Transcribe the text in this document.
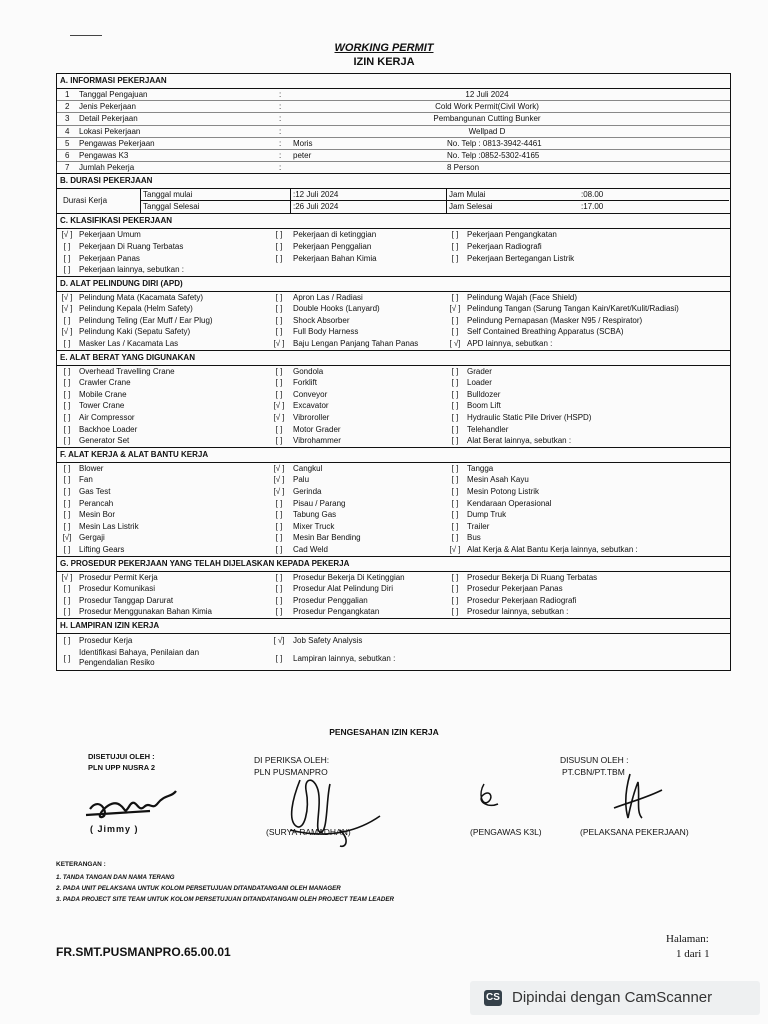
WORKING PERMIT
IZIN KERJA
A. INFORMASI PEKERJAAN
1 Tanggal Pengajuan	:	12 Juli 2024
2 Jenis Pekerjaan	:	Cold Work Permit(Civil Work)
3 Detail Pekerjaan	:	Pembangunan Cutting Bunker
4 Lokasi Pekerjaan	:	Wellpad D
5 Pengawas Pekerjaan	: Moris	No. Telp : 0813-3942-4461
6 Pengawas K3	: peter	No. Telp :0852-5302-4165
7 Jumlah Pekerja	:	8 Person
B. DURASI PEKERJAAN
Durasi Kerja
Tanggal mulai	:12 Juli 2024	Jam Mulai	:08.00
Tanggal Selesai	:26 Juli 2024	Jam Selesai	:17.00
C. KLASIFIKASI PEKERJAAN
[√ ] Pekerjaan Umum	[ ]	Pekerjaan di ketinggian	[ ]	Pekerjaan Pengangkatan
[ ]	Pekerjaan Di Ruang Terbatas	[ ]	Pekerjaan Penggalian	[ ]	Pekerjaan Radiografi
[ ]	Pekerjaan Panas	[ ]	Pekerjaan Bahan Kimia	[ ]	Pekerjaan Bertegangan Listrik
[ ]	Pekerjaan lainnya, sebutkan :
D. ALAT PELINDUNG DIRI (APD)
[√ ] Pelindung Mata (Kacamata Safety)	[ ]	Apron Las / Radiasi	[ ]	Pelindung Wajah (Face Shield)
[√ ] Pelindung Kepala (Helm Safety)	[ ]	Double Hooks (Lanyard)	[√ ] Pelindung Tangan (Sarung Tangan Kain/Karet/Kulit/Radiasi)
[ ]	Pelindung Teling (Ear Muff / Ear Plug)	[ ]	Shock Absorber	[ ]	Pelindung Pernapasan (Masker N95 / Respirator)
[√ ] Pelindung Kaki (Sepatu Safety)	[ ]	Full Body Harness	[ ]	Self Contained Breathing Apparatus (SCBA)
[ ]	Masker Las / Kacamata Las	[√ ] Baju Lengan Panjang Tahan Panas	[ √] APD lainnya, sebutkan :
E. ALAT BERAT YANG DIGUNAKAN
[ ]	Overhead Travelling Crane	[ ]	Gondola	[ ]	Grader
[ ]	Crawler Crane	[ ]	Forklift	[ ]	Loader
[ ]	Mobile Crane	[ ]	Conveyor	[ ]	Bulldozer
[ ]	Tower Crane	[√ ] Excavator	[ ]	Boom Lift
[ ]	Air Compressor	[√ ] Vibroroller	[ ]	Hydraulic Static Pile Driver (HSPD)
[ ]	Backhoe Loader	[ ]	Motor Grader	[ ]	Telehandler
[ ]	Generator Set	[ ]	Vibrohammer	[ ]	Alat Berat lainnya, sebutkan :
F. ALAT KERJA & ALAT BANTU KERJA
[ ]	Blower	[√ ] Cangkul	[ ]	Tangga
[ ]	Fan	[√ ] Palu	[ ]	Mesin Asah Kayu
[ ]	Gas Test	[√ ] Gerinda	[ ]	Mesin Potong Listrik
[ ]	Perancah	[ ]	Pisau / Parang	[ ]	Kendaraan Operasional
[ ]	Mesin Bor	[ ]	Tabung Gas	[ ]	Dump Truk
[ ]	Mesin Las Listrik	[ ]	Mixer Truck	[ ]	Trailer
[√] Gergaji	[ ]	Mesin Bar Bending	[ ]	Bus
[ ]	Lifting Gears	[ ]	Cad Weld	[√ ] Alat Kerja & Alat Bantu Kerja lainnya, sebutkan :
G. PROSEDUR PEKERJAAN YANG TELAH DIJELASKAN KEPADA PEKERJA
[√ ] Prosedur Permit Kerja	[ ]	Prosedur Bekerja Di Ketinggian	[ ]	Prosedur Bekerja Di Ruang Terbatas
[ ]	Prosedur Komunikasi	[ ]	Prosedur Alat Pelindung Diri	[ ]	Prosedur Pekerjaan Panas
[ ]	Prosedur Tanggap Darurat	[ ]	Prosedur Penggalian	[ ]	Prosedur Pekerjaan Radiografi
[ ]	Prosedur Menggunakan Bahan Kimia	[ ]	Prosedur Pengangkatan	[ ]	Prosedur lainnya, sebutkan :
H. LAMPIRAN IZIN KERJA
[ ]	Prosedur Kerja	[ √] Job Safety Analysis
[ ]
Identifikasi Bahaya, Penilaian dan
Pengendalian Resiko	[ ]	Lampiran lainnya, sebutkan :
PENGESAHAN IZIN KERJA
DISETUJUI OLEH :
PLN UPP NUSRA 2
DI PERIKSA OLEH:
PLN PUSMANPRO
DISUSUN OLEH :
PT.CBN/PT.TBM
( Jimmy )	(SURYA RAMADHAN)	(PENGAWAS K3L)	(PELAKSANA PEKERJAAN)
KETERANGAN :
1. TANDA TANGAN DAN NAMA TERANG
2. PADA UNIT PELAKSANA UNTUK KOLOM PERSETUJUAN DITANDATANGANI OLEH MANAGER
3. PADA PROJECT SITE TEAM UNTUK KOLOM PERSETUJUAN DITANDATANGANI OLEH PROJECT TEAM LEADER
FR.SMT.PUSMANPRO.65.00.01
Halaman:
1 dari 1
CS Dipindai dengan CamScanner
